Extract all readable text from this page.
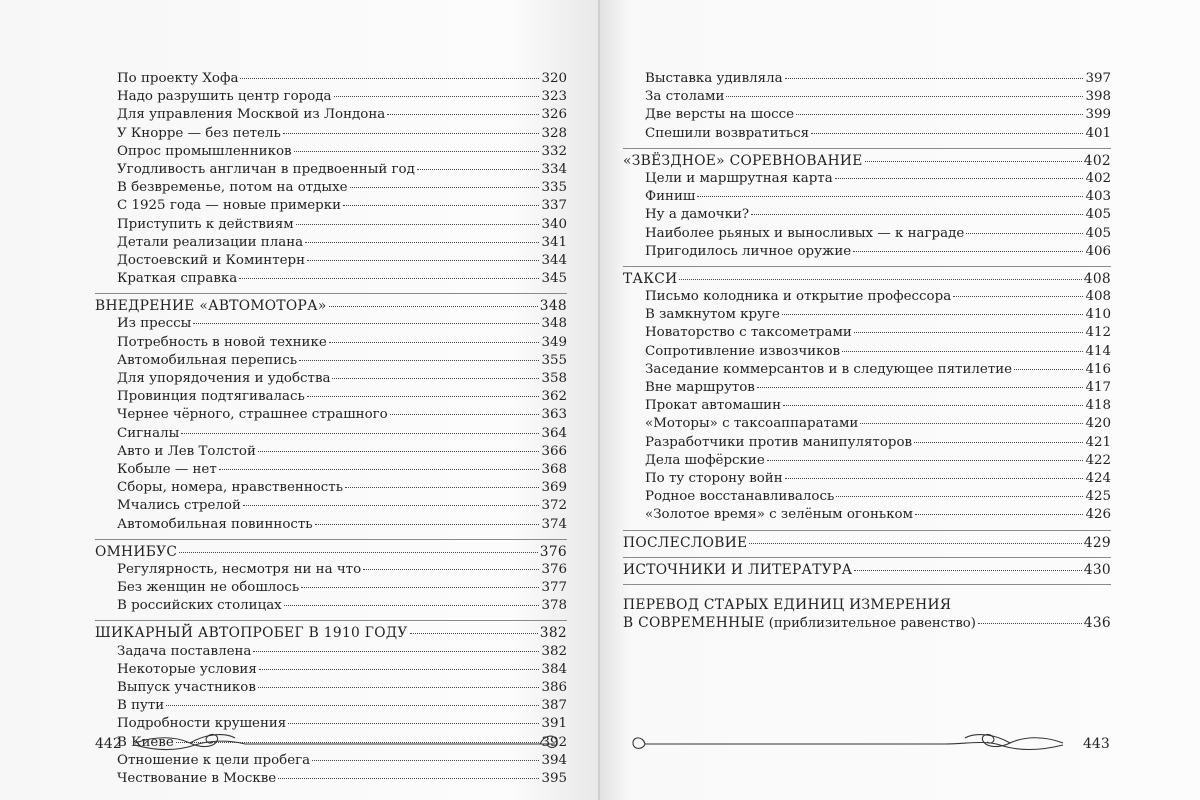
По проекту Хофа	320
Надо разрушить центр города	323
Для управления Москвой из Лондона	326
У Кнорре — без петель	328
Опрос промышленников	332
Угодливость англичан в предвоенный год	334
В безвременье, потом на отдыхе	335
С 1925 года — новые примерки	337
Приступить к действиям	340
Детали реализации плана	341
Достоевский и Коминтерн	344
Краткая справка	345
ВНЕДРЕНИЕ «АВТОМОТОРА»	348
Из прессы	348
Потребность в новой технике	349
Автомобильная перепись	355
Для упорядочения и удобства	358
Провинция подтягивалась	362
Чернее чёрного, страшнее страшного	363
Сигналы	364
Авто и Лев Толстой	366
Кобыле — нет	368
Сборы, номера, нравственность	369
Мчались стрелой	372
Автомобильная повинность	374
ОМНИБУС	376
Регулярность, несмотря ни на что	376
Без женщин не обошлось	377
В российских столицах	378
ШИКАРНЫЙ АВТОПРОБЕГ В 1910 ГОДУ	382
Задача поставлена	382
Некоторые условия	384
Выпуск участников	386
В пути	387
Подробности крушения	391
В Киеве	392
Отношение к цели пробега	394
Чествование в Москве	395
442
Выставка удивляла	397
За столами	398
Две версты на шоссе	399
Спешили возвратиться	401
«ЗВЁЗДНОЕ» СОРЕВНОВАНИЕ	402
Цели и маршрутная карта	402
Финиш	403
Ну а дамочки?	405
Наиболее рьяных и выносливых — к награде	405
Пригодилось личное оружие	406
ТАКСИ	408
Письмо колодника и открытие профессора	408
В замкнутом круге	410
Новаторство с таксометрами	412
Сопротивление извозчиков	414
Заседание коммерсантов и в следующее пятилетие	416
Вне маршрутов	417
Прокат автомашин	418
«Моторы» с таксоаппаратами	420
Разработчики против манипуляторов	421
Дела шофёрские	422
По ту сторону войн	424
Родное восстанавливалось	425
«Золотое время» с зелёным огоньком	426
ПОСЛЕСЛОВИЕ	429
ИСТОЧНИКИ И ЛИТЕРАТУРА	430
ПЕРЕВОД СТАРЫХ ЕДИНИЦ ИЗМЕРЕНИЯ
В СОВРЕМЕННЫЕ (приблизительное равенство)	436
443
